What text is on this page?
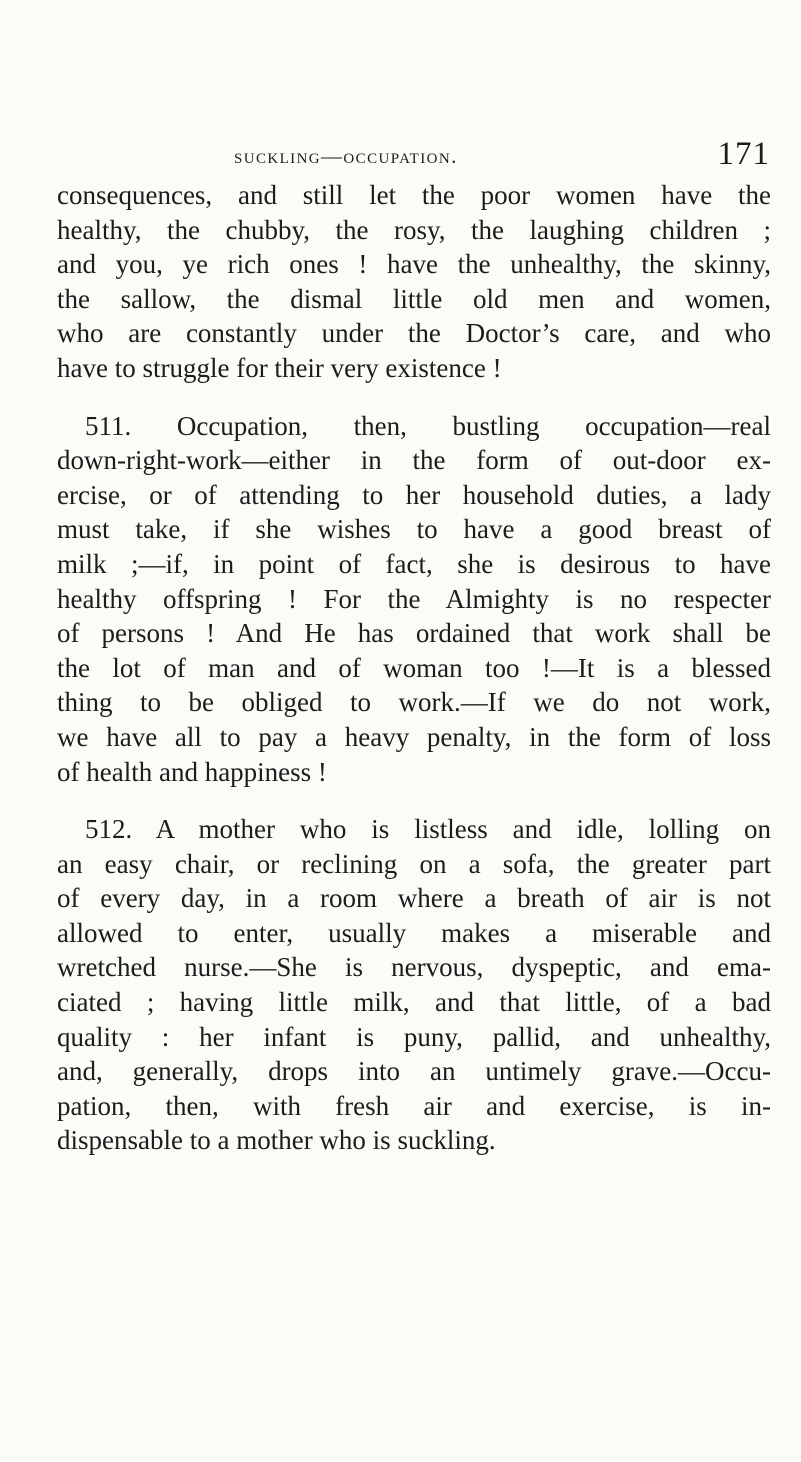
suckling—occupation.	171
consequences, and still let the poor women have the
healthy, the chubby, the rosy, the laughing children ;
and you, ye rich ones ! have the unhealthy, the skinny,
the sallow, the dismal little old men and women,
who are constantly under the Doctor’s care, and who
have to struggle for their very existence !
511. Occupation, then, bustling occupation—real
down-right-work—either in the form of out-door ex-
ercise, or of attending to her household duties, a lady
must take, if she wishes to have a good breast of
milk ;—if, in point of fact, she is desirous to have
healthy offspring ! For the Almighty is no respecter
of persons ! And He has ordained that work shall be
the lot of man and of woman too !—It is a blessed
thing to be obliged to work.—If we do not work,
we have all to pay a heavy penalty, in the form of loss
of health and happiness !
512. A mother who is listless and idle, lolling on
an easy chair, or reclining on a sofa, the greater part
of every day, in a room where a breath of air is not
allowed to enter, usually makes a miserable and
wretched nurse.—She is nervous, dyspeptic, and ema-
ciated ; having little milk, and that little, of a bad
quality : her infant is puny, pallid, and unhealthy,
and, generally, drops into an untimely grave.—Occu-
pation, then, with fresh air and exercise, is in-
dispensable to a mother who is suckling.
